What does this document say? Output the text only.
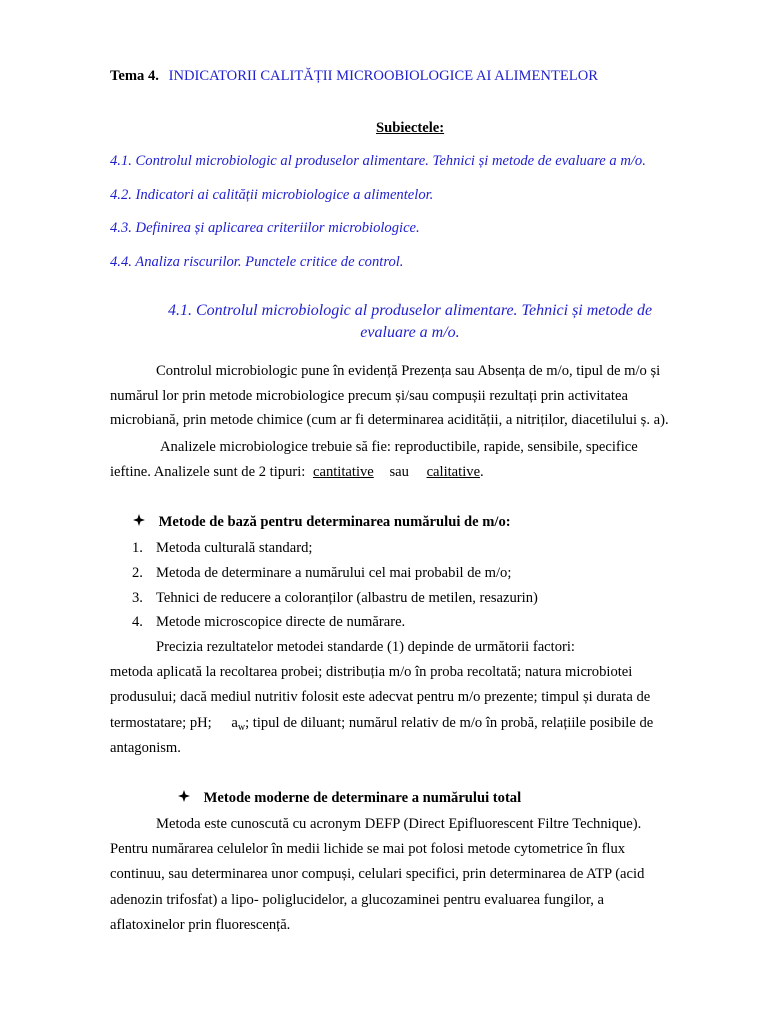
Tema 4. INDICATORII CALITĂȚII MICROOBIOLOGICE AI ALIMENTELOR
Subiectele:
4.1. Controlul microbiologic al produselor alimentare. Tehnici și metode de evaluare a m/o.
4.2. Indicatori ai calității microbiologice a alimentelor.
4.3. Definirea și aplicarea criteriilor microbiologice.
4.4. Analiza riscurilor. Punctele critice de control.
4.1. Controlul microbiologic al produselor alimentare. Tehnici și metode de
evaluare a m/o.
Controlul microbiologic pune în evidență Prezența sau Absența de m/o, tipul de m/o și
numărul lor prin metode microbiologice precum și/sau compușii rezultați prin activitatea
microbiană, prin metode chimice (cum ar fi determinarea acidității, a nitriților, diacetilului ș. a).
Analizele microbiologice trebuie să fie: reproductibile, rapide, sensibile, specifice
ieftine. Analizele sunt de 2 tipuri: cantitative sau calitative.
Metode de bază pentru determinarea numărului de m/o:
1. Metoda culturală standard;
2. Metoda de determinare a numărului cel mai probabil de m/o;
3. Tehnici de reducere a coloranților (albastru de metilen, resazurin)
4. Metode microscopice directe de numărare.
Precizia rezultatelor metodei standarde (1) depinde de următorii factori:
metoda aplicată la recoltarea probei; distribuția m/o în proba recoltată; natura microbiotei
produsului; dacă mediul nutritiv folosit este adecvat pentru m/o prezente; timpul și durata de
termostatare; pH; $a_w$; tipul de diluant; numărul relativ de m/o în probă, relațiile posibile de
antagonism.
Metode moderne de determinare a numărului total
Metoda este cunoscută cu acronym DEFP (Direct Epifluorescent Filtre Technique).
Pentru numărarea celulelor în medii lichide se mai pot folosi metode cytometrice în flux
continuu, sau determinarea unor compuși, celulari specifici, prin determinarea de ATP (acid
adenozin trifosfat) a lipo- poliglucidelor, a glucozaminei pentru evaluarea fungilor, a
aflatoxinelor prin fluorescență.
